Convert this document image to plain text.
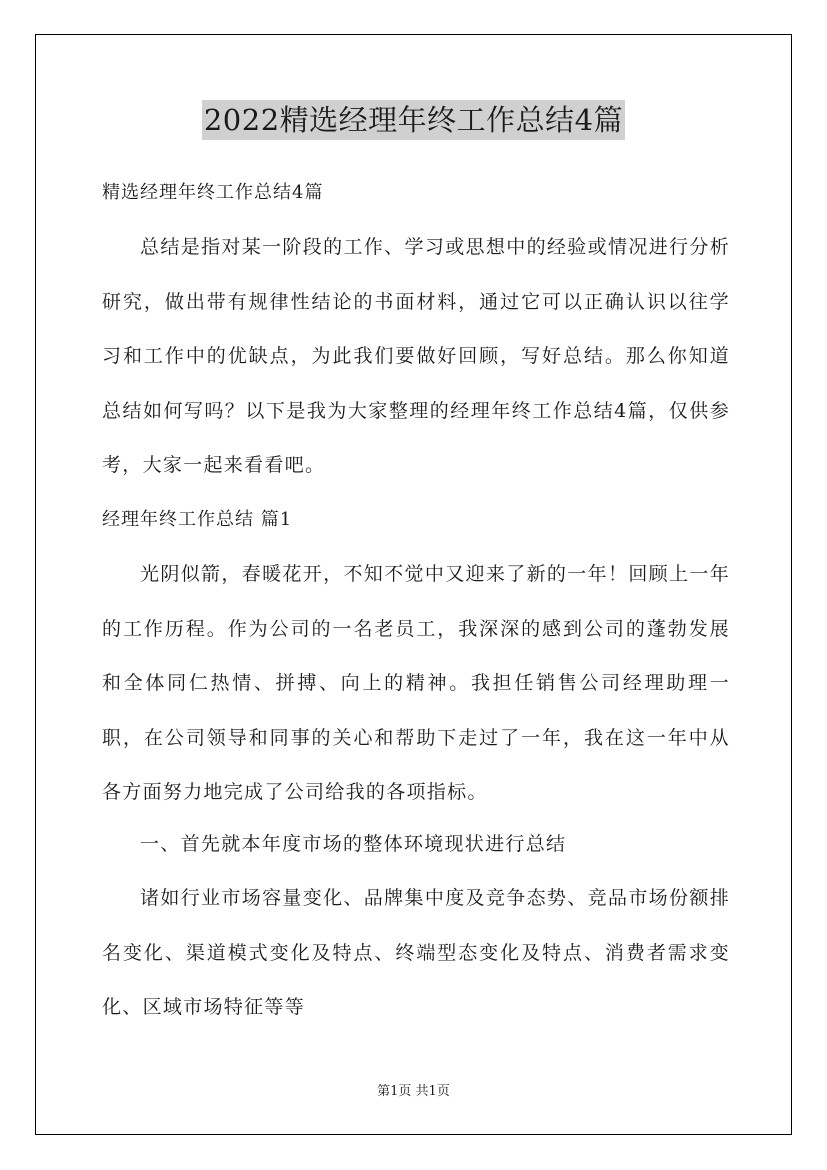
2022精选经理年终工作总结4篇
精选经理年终工作总结4篇
总结是指对某一阶段的工作、学习或思想中的经验或情况进行分析研究，做出带有规律性结论的书面材料，通过它可以正确认识以往学习和工作中的优缺点，为此我们要做好回顾，写好总结。那么你知道总结如何写吗？以下是我为大家整理的经理年终工作总结4篇，仅供参考，大家一起来看看吧。
经理年终工作总结 篇1
光阴似箭，春暖花开，不知不觉中又迎来了新的一年！回顾上一年的工作历程。作为公司的一名老员工，我深深的感到公司的蓬勃发展和全体同仁热情、拼搏、向上的精神。我担任销售公司经理助理一职，在公司领导和同事的关心和帮助下走过了一年，我在这一年中从各方面努力地完成了公司给我的各项指标。
一、首先就本年度市场的整体环境现状进行总结
诸如行业市场容量变化、品牌集中度及竞争态势、竞品市场份额排名变化、渠道模式变化及特点、终端型态变化及特点、消费者需求变化、区域市场特征等等
第1页 共1页
